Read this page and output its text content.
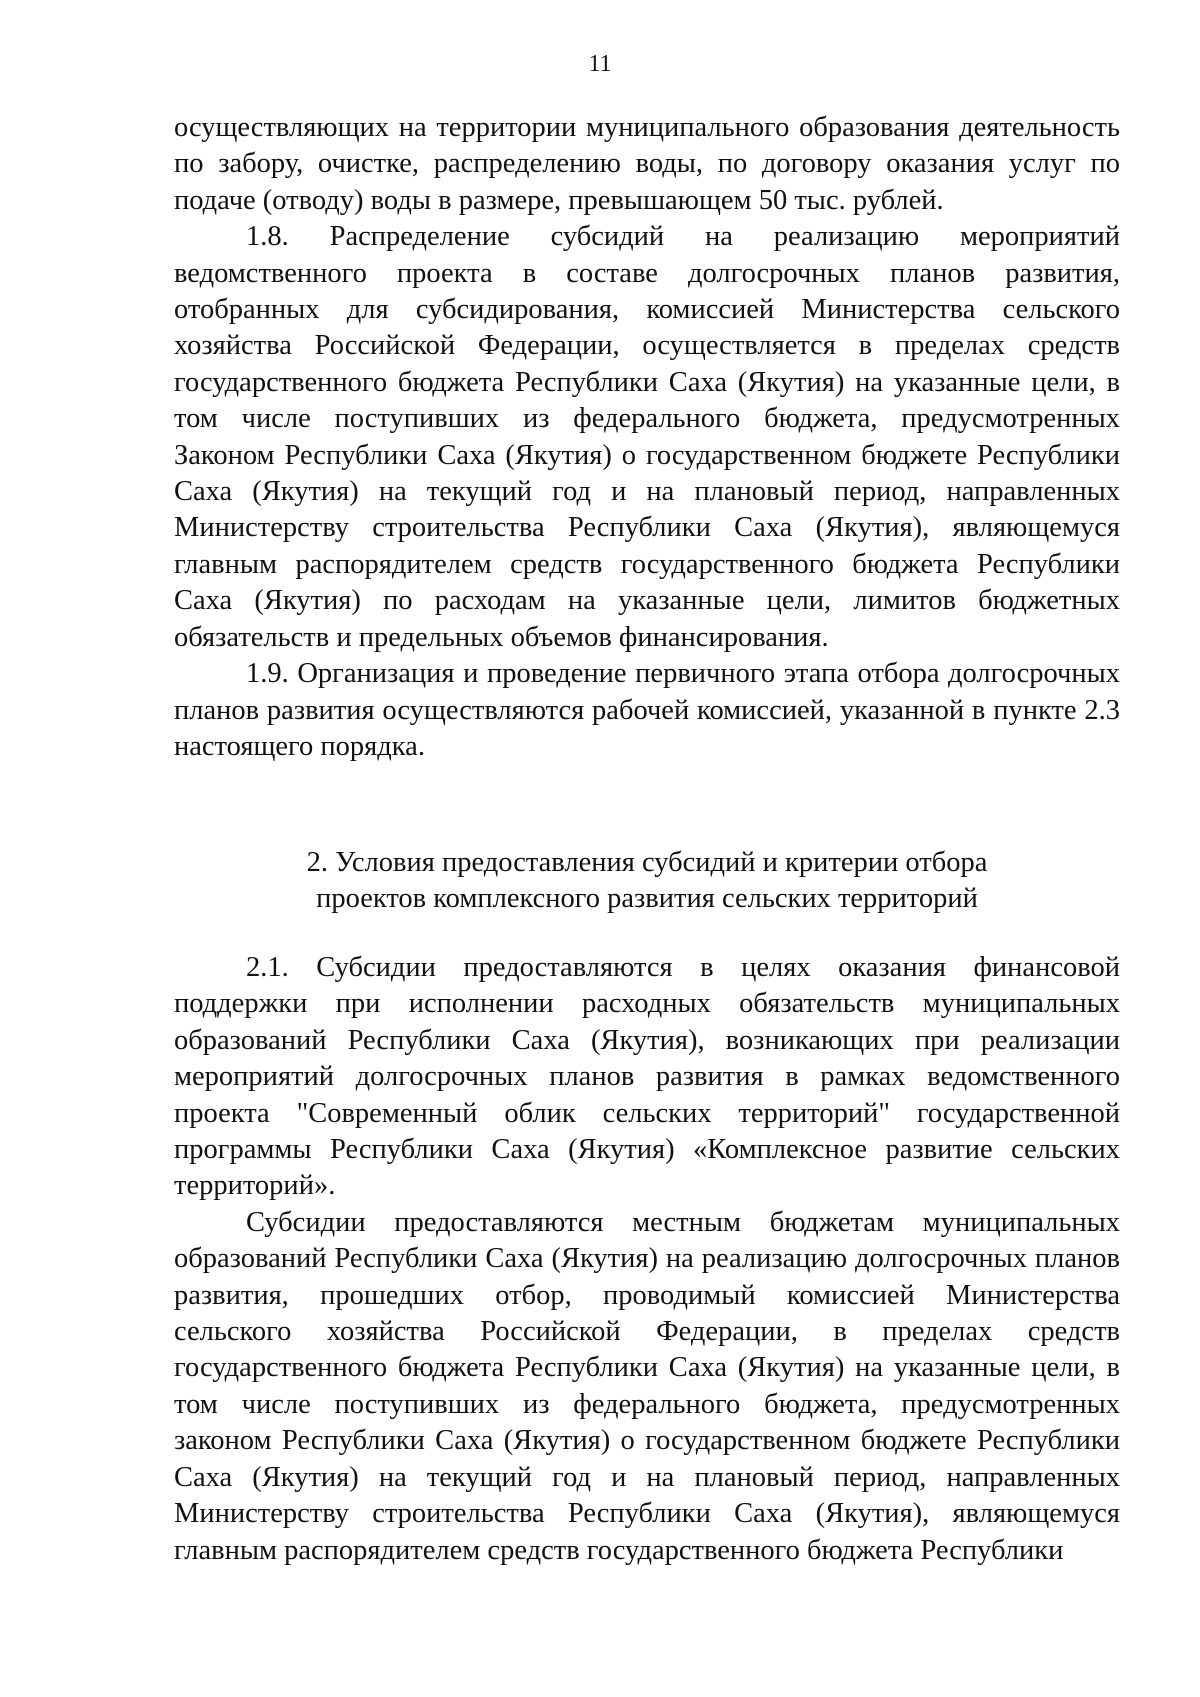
11

осуществляющих на территории муниципального образования деятельность по забору, очистке, распределению воды, по договору оказания услуг по подаче (отводу) воды в размере, превышающем 50 тыс. рублей.

1.8. Распределение субсидий на реализацию мероприятий ведомственного проекта в составе долгосрочных планов развития, отобранных для субсидирования, комиссией Министерства сельского хозяйства Российской Федерации, осуществляется в пределах средств государственного бюджета Республики Саха (Якутия) на указанные цели, в том числе поступивших из федерального бюджета, предусмотренных Законом Республики Саха (Якутия) о государственном бюджете Республики Саха (Якутия) на текущий год и на плановый период, направленных Министерству строительства Республики Саха (Якутия), являющемуся главным распорядителем средств государственного бюджета Республики Саха (Якутия) по расходам на указанные цели, лимитов бюджетных обязательств и предельных объемов финансирования.

1.9. Организация и проведение первичного этапа отбора долгосрочных планов развития осуществляются рабочей комиссией, указанной в пункте 2.3 настоящего порядка.

2. Условия предоставления субсидий и критерии отбора
проектов комплексного развития сельских территорий

2.1. Субсидии предоставляются в целях оказания финансовой поддержки при исполнении расходных обязательств муниципальных образований Республики Саха (Якутия), возникающих при реализации мероприятий долгосрочных планов развития в рамках ведомственного проекта "Современный облик сельских территорий" государственной программы Республики Саха (Якутия) «Комплексное развитие сельских территорий».

Субсидии предоставляются местным бюджетам муниципальных образований Республики Саха (Якутия) на реализацию долгосрочных планов развития, прошедших отбор, проводимый комиссией Министерства сельского хозяйства Российской Федерации, в пределах средств государственного бюджета Республики Саха (Якутия) на указанные цели, в том числе поступивших из федерального бюджета, предусмотренных законом Республики Саха (Якутия) о государственном бюджете Республики Саха (Якутия) на текущий год и на плановый период, направленных Министерству строительства Республики Саха (Якутия), являющемуся главным распорядителем средств государственного бюджета Республики
